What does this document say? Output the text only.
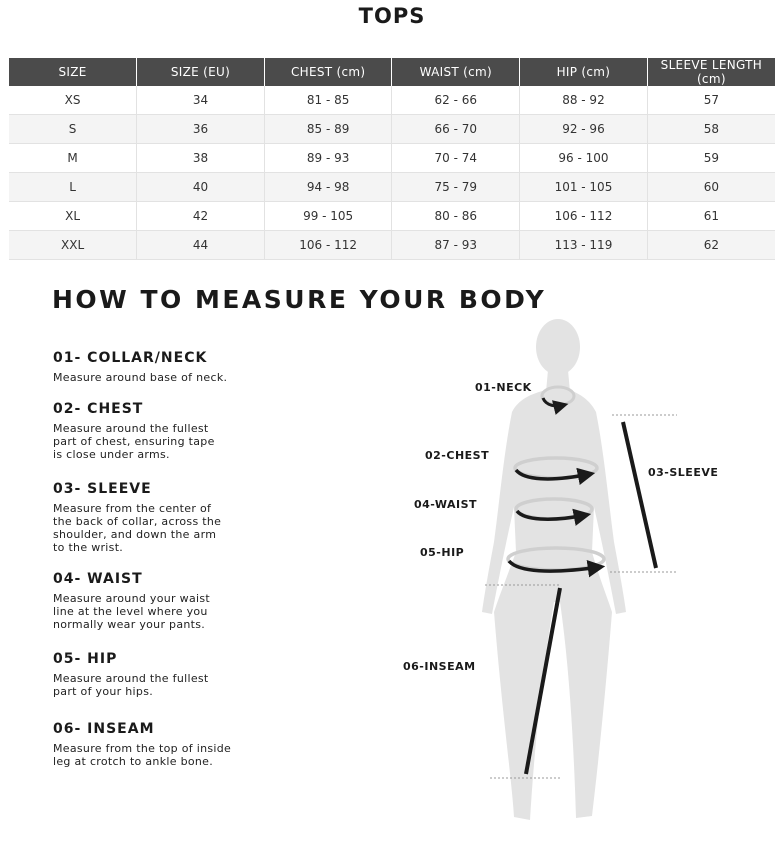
TOPS
SIZE	SIZE (EU)	CHEST (cm)	WAIST (cm)	HIP (cm)	SLEEVE LENGTH (cm)
XS	34	81 - 85	62 - 66	88 - 92	57
S	36	85 - 89	66 - 70	92 - 96	58
M	38	89 - 93	70 - 74	96 - 100	59
L	40	94 - 98	75 - 79	101 - 105	60
XL	42	99 - 105	80 - 86	106 - 112	61
XXL	44	106 - 112	87 - 93	113 - 119	62
HOW TO MEASURE YOUR BODY

01- COLLAR/NECK

Measure around base of neck.

02- CHEST

Measure around the fullest
part of chest, ensuring tape
is close under arms.

03- SLEEVE

Measure from the center of
the back of collar, across the
shoulder, and down the arm
to the wrist.

04- WAIST

Measure around your waist
line at the level where you
normally wear your pants.

05- HIP

Measure around the fullest
part of your hips.

06- INSEAM

Measure from the top of inside
leg at crotch to ankle bone.

01-NECK
02-CHEST
03-SLEEVE
04-WAIST
05-HIP
06-INSEAM
